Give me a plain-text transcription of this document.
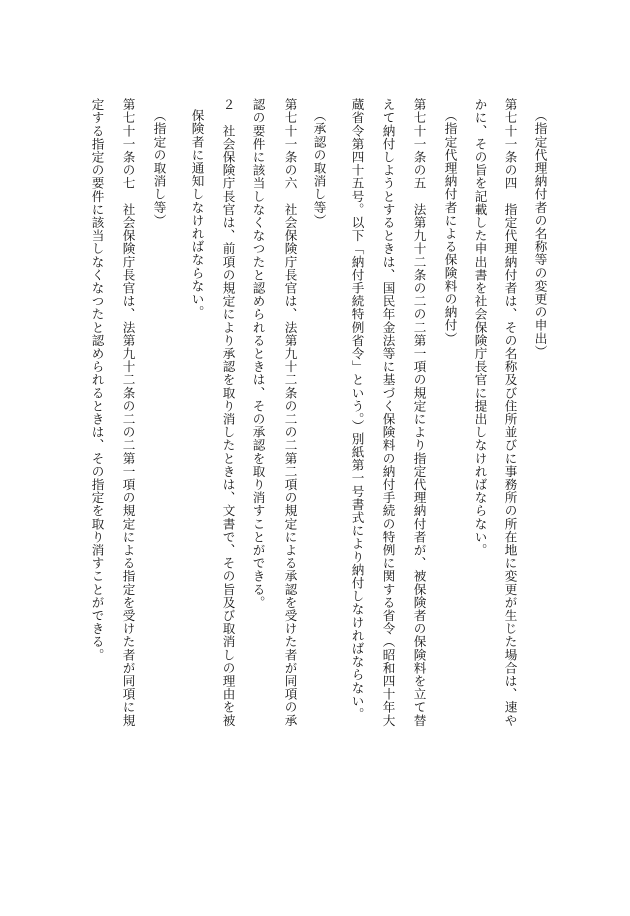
（指定代理納付者の名称等の変更の申出）
第七十一条の四　指定代理納付者は、その名称及び住所並びに事務所の所在地に変更が生じた場合は、速や
かに、その旨を記載した申出書を社会保険庁長官に提出しなければならない。
（指定代理納付者による保険料の納付）
第七十一条の五　法第九十二条の二の二第一項の規定により指定代理納付者が、被保険者の保険料を立て替
えて納付しようとするときは、国民年金法等に基づく保険料の納付手続の特例に関する省令（昭和四十年大
蔵省令第四十五号。以下「納付手続特例省令」という。）別紙第一号書式により納付しなければならない。
（承認の取消し等）
第七十一条の六　社会保険庁長官は、法第九十二条の二の二第二項の規定による承認を受けた者が同項の承
認の要件に該当しなくなつたと認められるときは、その承認を取り消すことができる。
２　社会保険庁長官は、前項の規定により承認を取り消したときは、文書で、その旨及び取消しの理由を被
保険者に通知しなければならない。
（指定の取消し等）
第七十一条の七　社会保険庁長官は、法第九十二条の二の二第一項の規定による指定を受けた者が同項に規
定する指定の要件に該当しなくなつたと認められるときは、その指定を取り消すことができる。
